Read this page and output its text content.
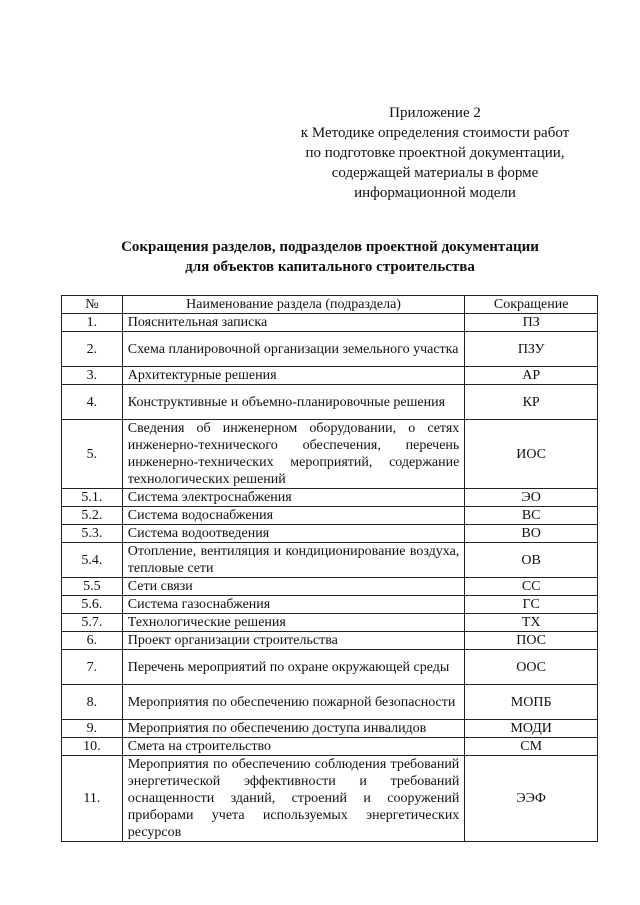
Приложение 2
к Методике определения стоимости работ
по подготовке проектной документации,
содержащей материалы в форме
информационной модели
Сокращения разделов, подразделов проектной документации
для объектов капитального строительства
№	Наименование раздела (подраздела)	Сокращение
1.	Пояснительная записка	ПЗ
2.	Схема планировочной организации земельного участка	ПЗУ
3.	Архитектурные решения	АР
4.	Конструктивные и объемно-планировочные решения	КР
5.	Сведения об инженерном оборудовании, о сетях инженерно-технического обеспечения, перечень инженерно-технических мероприятий, содержание технологических решений	ИОС
5.1.	Система электроснабжения	ЭО
5.2.	Система водоснабжения	ВС
5.3.	Система водоотведения	ВО
5.4.	Отопление, вентиляция и кондиционирование воздуха, тепловые сети	ОВ
5.5	Сети связи	СС
5.6.	Система газоснабжения	ГС
5.7.	Технологические решения	ТХ
6.	Проект организации строительства	ПОС
7.	Перечень мероприятий по охране окружающей среды	ООС
8.	Мероприятия по обеспечению пожарной безопасности	МОПБ
9.	Мероприятия по обеспечению доступа инвалидов	МОДИ
10.	Смета на строительство	СМ
11.	Мероприятия по обеспечению соблюдения требований энергетической эффективности и требований оснащенности зданий, строений и сооружений приборами учета используемых энергетических ресурсов	ЭЭФ
